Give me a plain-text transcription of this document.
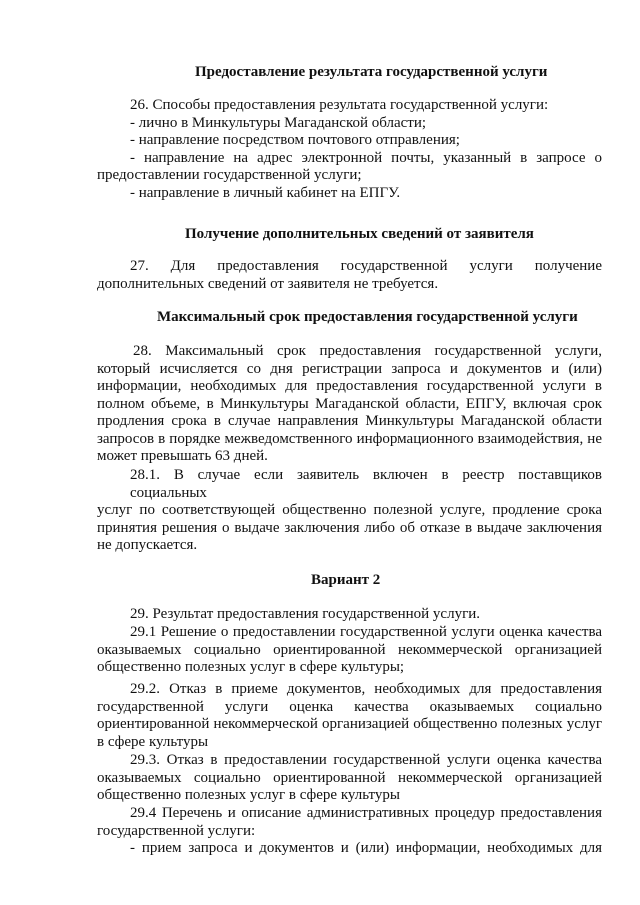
Предоставление результата государственной услуги
26. Способы предоставления результата государственной услуги:
- лично в Минкультуры Магаданской области;
- направление посредством почтового отправления;
- направление на адрес электронной почты, указанный в запросе о
предоставлении государственной услуги;
- направление в личный кабинет на ЕПГУ.
Получение дополнительных сведений от заявителя
27. Для предоставления государственной услуги получение
дополнительных сведений от заявителя не требуется.
Максимальный срок предоставления государственной услуги
28. Максимальный срок предоставления государственной услуги,
который исчисляется со дня регистрации запроса и документов и (или)
информации, необходимых для предоставления государственной услуги в
полном объеме, в Минкультуры Магаданской области, ЕПГУ, включая срок
продления срока в случае направления Минкультуры Магаданской области
запросов в порядке межведомственного информационного взаимодействия, не
может превышать 63 дней.
28.1. В случае если заявитель включен в реестр поставщиков социальных
услуг по соответствующей общественно полезной услуге, продление срока
принятия решения о выдаче заключения либо об отказе в выдаче заключения
не допускается.
Вариант 2
29. Результат предоставления государственной услуги.
29.1 Решение о предоставлении государственной услуги оценка качества
оказываемых социально ориентированной некоммерческой организацией
общественно полезных услуг в сфере культуры;
29.2. Отказ в приеме документов, необходимых для предоставления
государственной услуги оценка качества оказываемых социально
ориентированной некоммерческой организацией общественно полезных услуг
в сфере культуры
29.3. Отказ в предоставлении государственной услуги оценка качества
оказываемых социально ориентированной некоммерческой организацией
общественно полезных услуг в сфере культуры
29.4 Перечень и описание административных процедур предоставления
государственной услуги:
- прием запроса и документов и (или) информации, необходимых для
